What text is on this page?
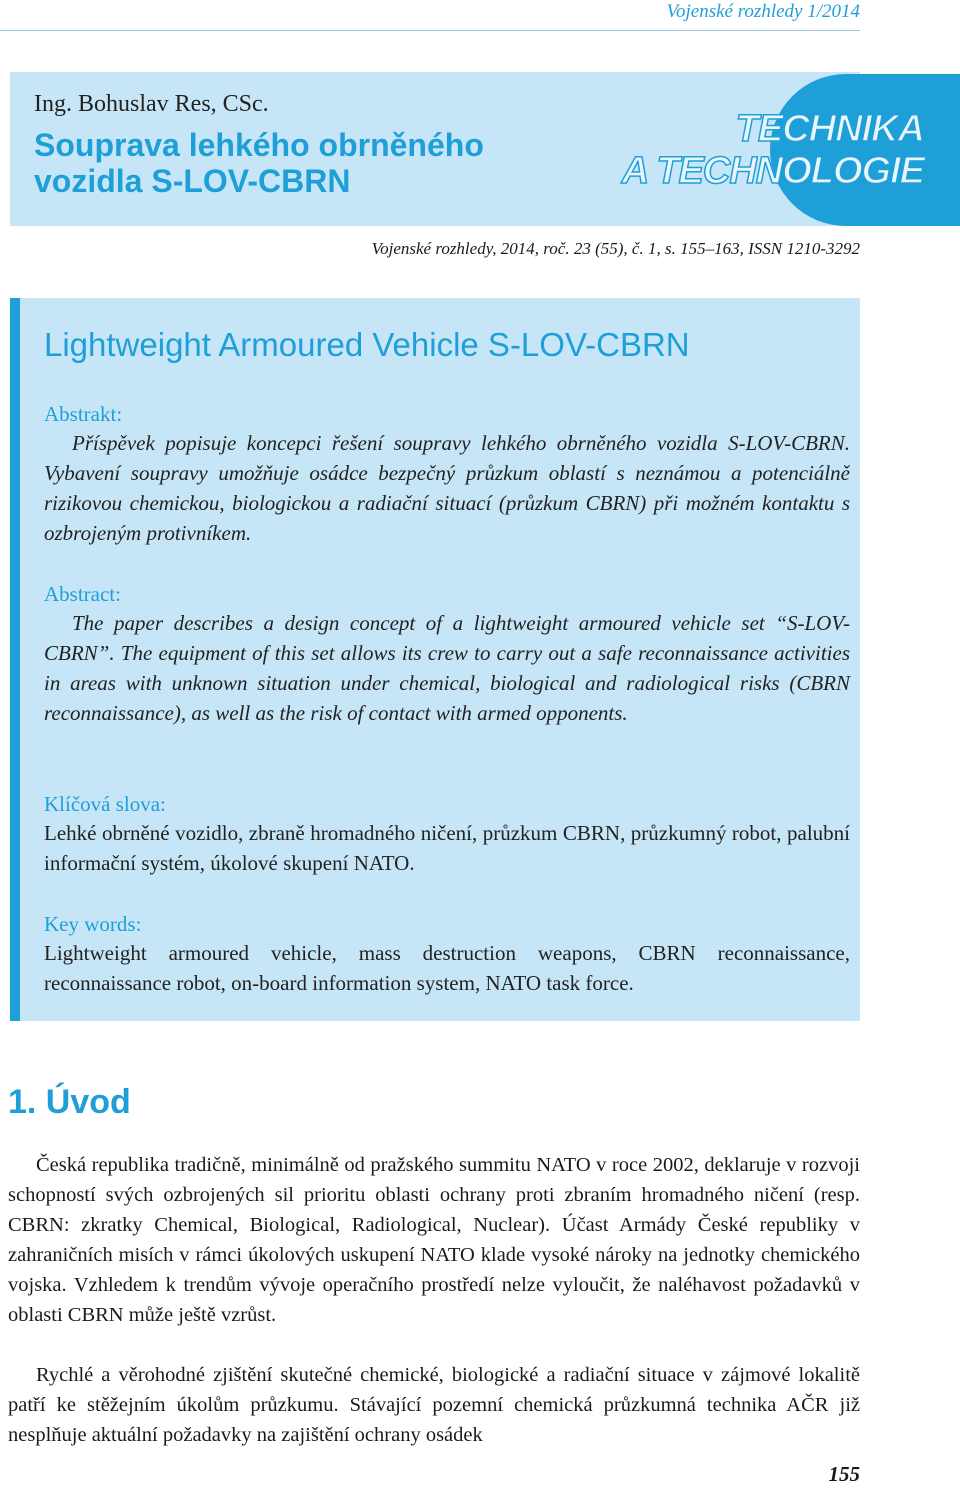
Vojenské rozhledy 1/2014

Ing. Bohuslav Res, CSc.

Souprava lehkého obrněného vozidla S-LOV-CBRN
TECHNIKA
A TECHNOLOGIE

Vojenské rozhledy, 2014, roč. 23 (55), č. 1, s. 155–163, ISSN 1210-3292

Lightweight Armoured Vehicle S-LOV-CBRN

Abstrakt:

Příspěvek popisuje koncepci řešení soupravy lehkého obrněného vozidla S-LOV-CBRN. Vybavení soupravy umožňuje osádce bezpečný průzkum oblastí s neznámou a potenciálně rizikovou chemickou, biologickou a radiační situací (průzkum CBRN) při možném kontaktu s ozbrojeným protivníkem.

Abstract:

The paper describes a design concept of a lightweight armoured vehicle set “S-LOV-CBRN”. The equipment of this set allows its crew to carry out a safe reconnaissance activities in areas with unknown situation under chemical, biological and radiological risks (CBRN reconnaissance), as well as the risk of contact with armed opponents.

Klíčová slova:

Lehké obrněné vozidlo, zbraně hromadného ničení, průzkum CBRN, průzkumný robot, palubní informační systém, úkolové skupení NATO.

Key words:

Lightweight armoured vehicle, mass destruction weapons, CBRN reconnaissance, reconnaissance robot, on-board information system, NATO task force.

1. Úvod

Česká republika tradičně, minimálně od pražského summitu NATO v roce 2002, deklaruje v rozvoji schopností svých ozbrojených sil prioritu oblasti ochrany proti zbraním hromadného ničení (resp. CBRN: zkratky Chemical, Biological, Radiological, Nuclear). Účast Armády České republiky v zahraničních misích v rámci úkolových uskupení NATO klade vysoké nároky na jednotky chemického vojska. Vzhledem k trendům vývoje operačního prostředí nelze vyloučit, že naléhavost požadavků v oblasti CBRN může ještě vzrůst.

Rychlé a věrohodné zjištění skutečné chemické, biologické a radiační situace v zájmové lokalitě patří ke stěžejním úkolům průzkumu. Stávající pozemní chemická průzkumná technika AČR již nesplňuje aktuální požadavky na zajištění ochrany osádek

155
